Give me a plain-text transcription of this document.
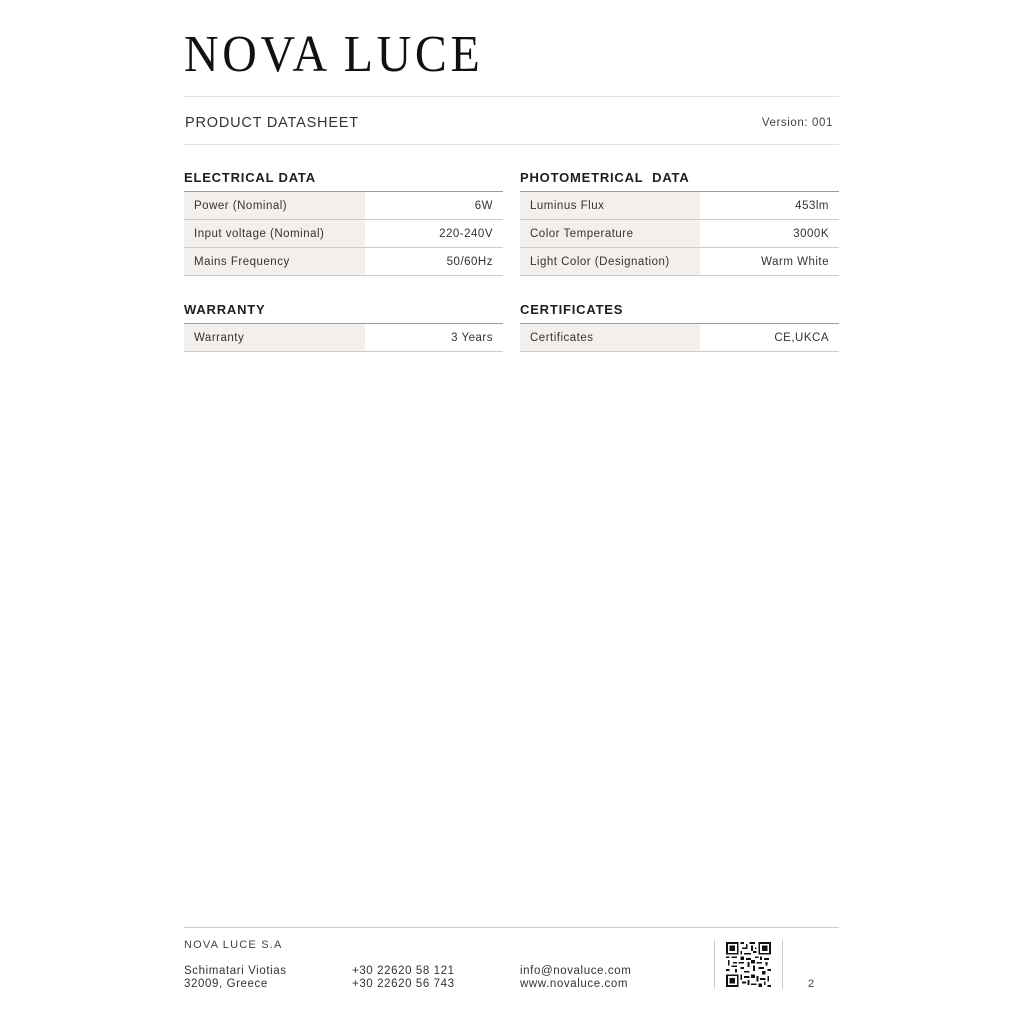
NOVA LUCE
PRODUCT DATASHEET	Version: 001
ELECTRICAL DATA
Power (Nominal)	6W
Input voltage (Nominal)	220-240V
Mains Frequency	50/60Hz
PHOTOMETRICAL  DATA
Luminus Flux	453lm
Color Temperature	3000K
Light Color (Designation)	Warm White
WARRANTY
Warranty	3 Years
CERTIFICATES
Certificates	CE,UKCA
NOVA LUCE S.A
Schimatari Viotias
32009, Greece
+30 22620 58 121
+30 22620 56 743
info@novaluce.com
www.novaluce.com	2
